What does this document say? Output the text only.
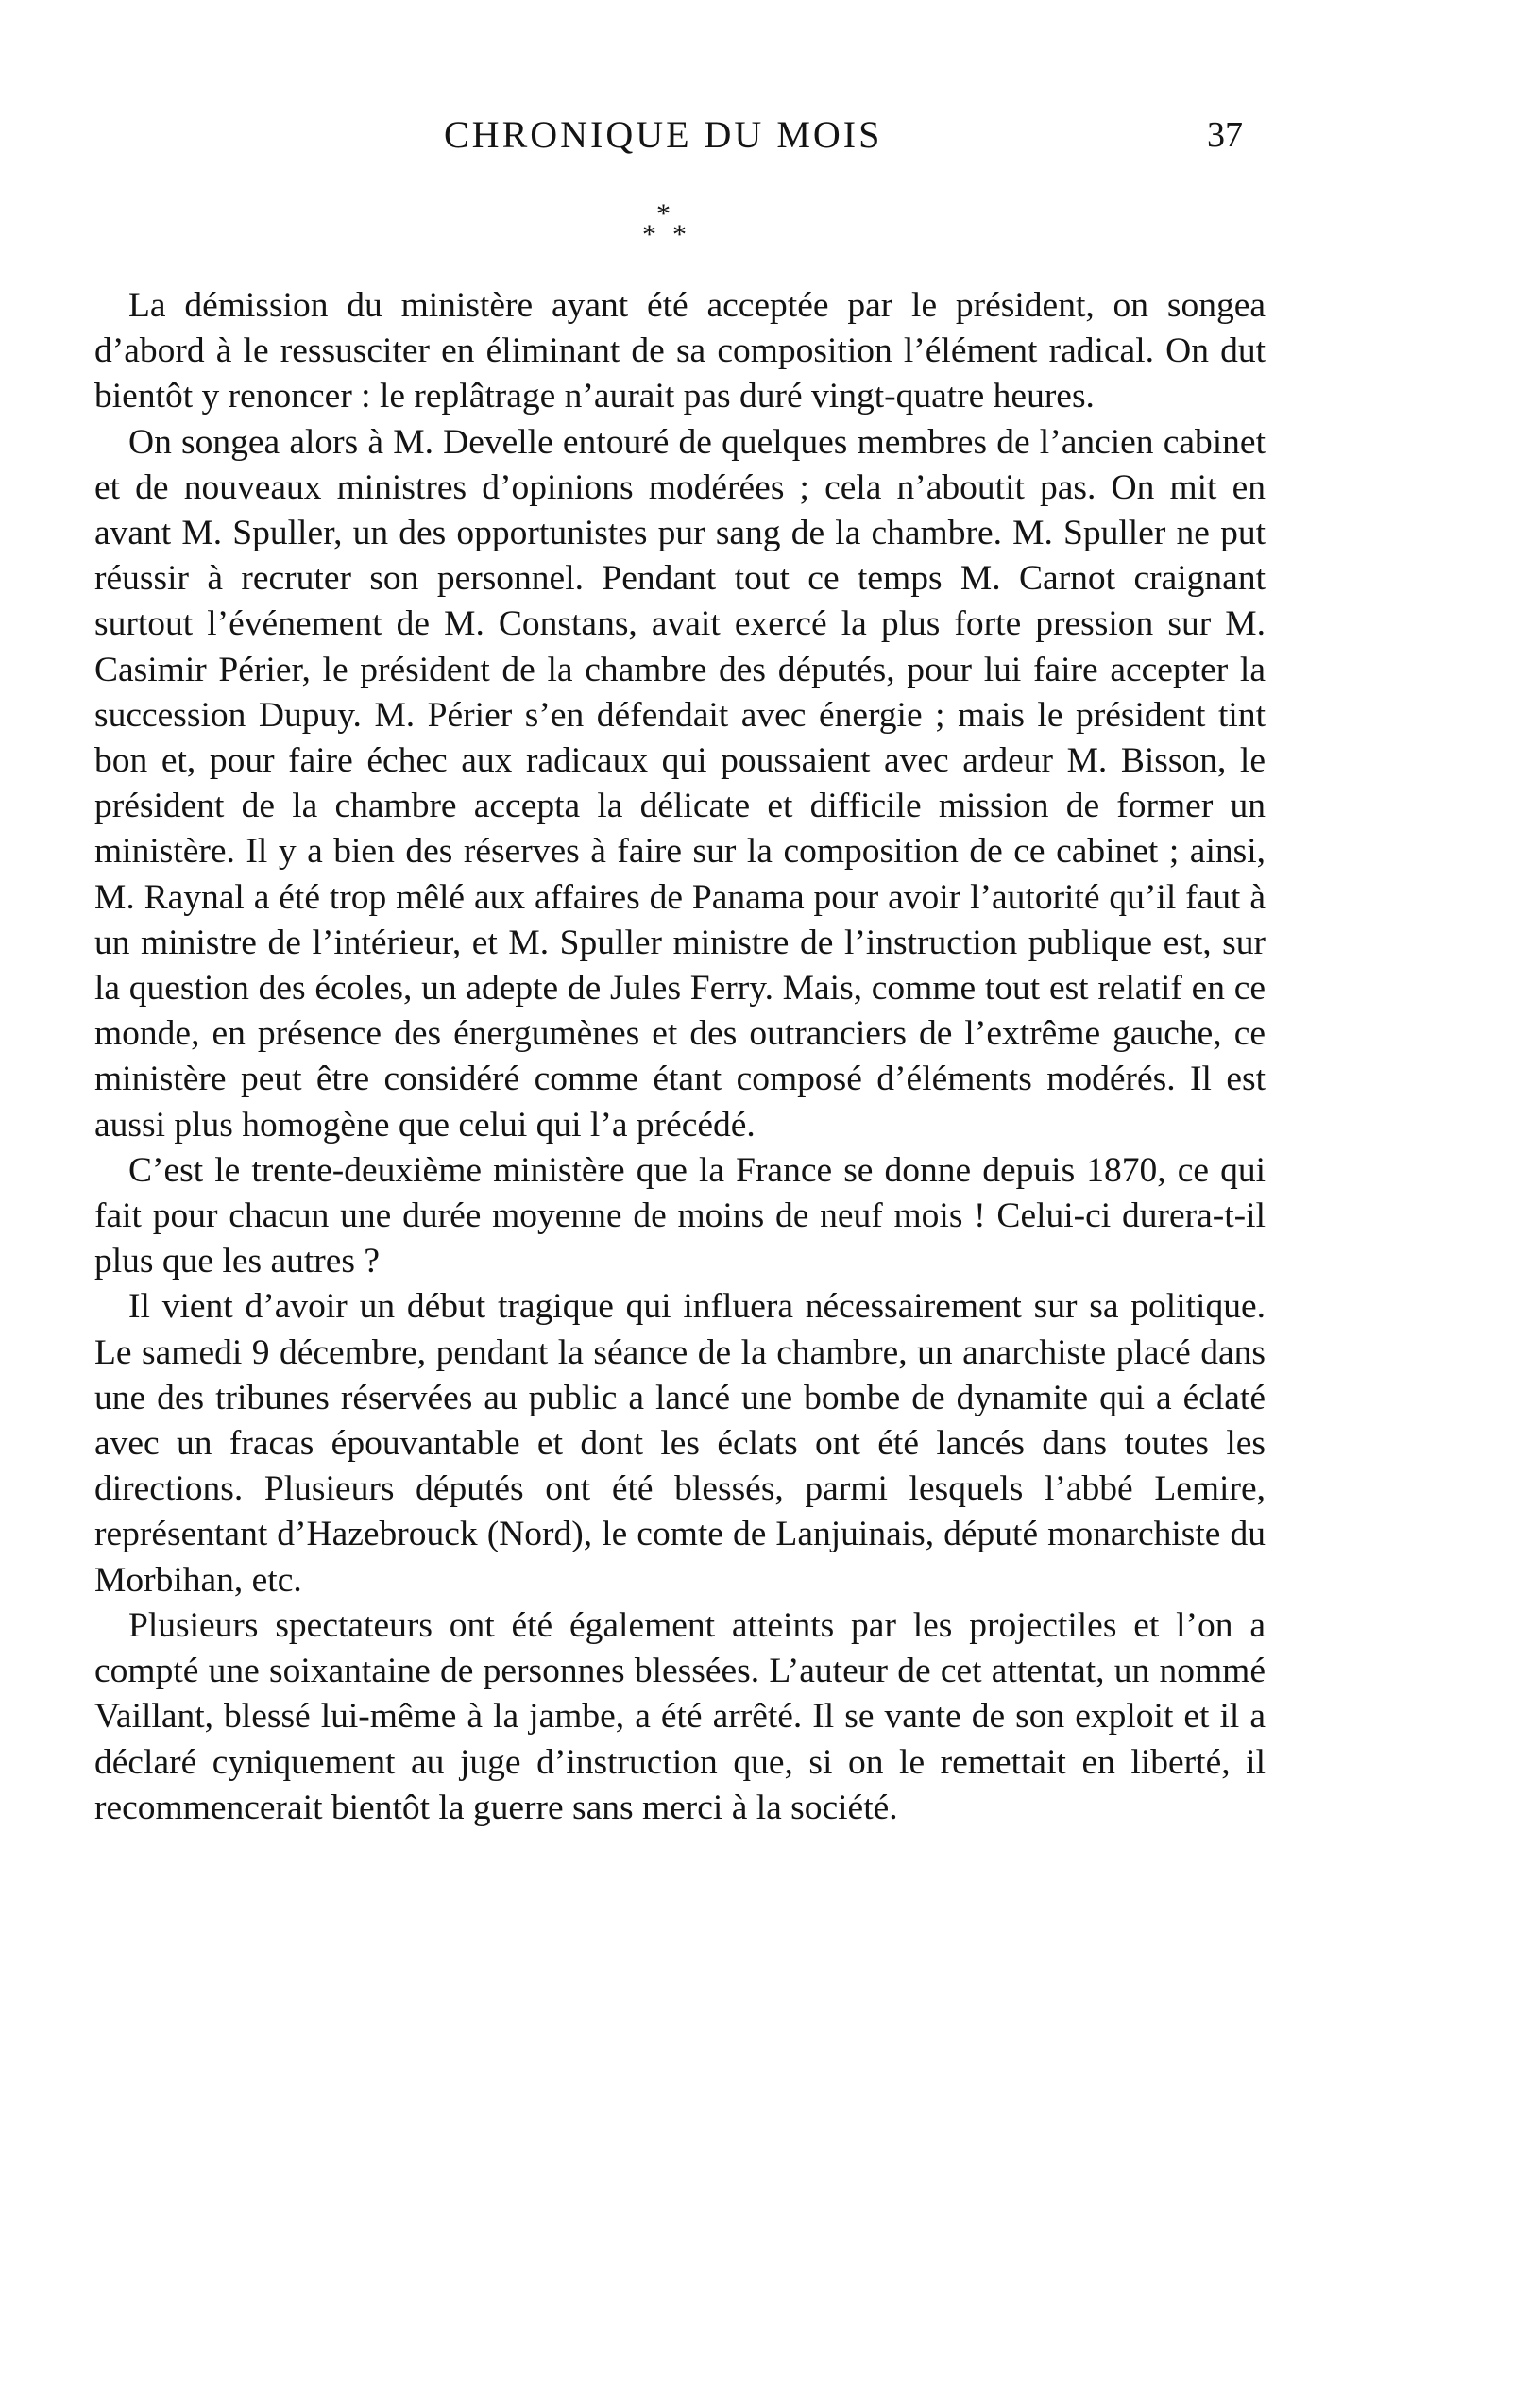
CHRONIQUE DU MOIS	37
*
* *

La démission du ministère ayant été acceptée par le président, on songea d’abord à le ressusciter en éliminant de sa composition l’élément radical. On dut bientôt y renoncer : le replâtrage n’aurait pas duré vingt-quatre heures.

On songea alors à M. Develle entouré de quelques membres de l’ancien cabinet et de nouveaux ministres d’opinions modérées ; cela n’aboutit pas. On mit en avant M. Spuller, un des opportunistes pur sang de la chambre. M. Spuller ne put réussir à recruter son personnel. Pendant tout ce temps M. Carnot craignant surtout l’événement de M. Constans, avait exercé la plus forte pression sur M. Casimir Périer, le président de la chambre des députés, pour lui faire accepter la succession Dupuy. M. Périer s’en défendait avec énergie ; mais le président tint bon et, pour faire échec aux radicaux qui poussaient avec ardeur M. Bisson, le président de la chambre accepta la délicate et difficile mission de former un ministère. Il y a bien des réserves à faire sur la composition de ce cabinet ; ainsi, M. Raynal a été trop mêlé aux affaires de Panama pour avoir l’autorité qu’il faut à un ministre de l’intérieur, et M. Spuller ministre de l’instruction publique est, sur la question des écoles, un adepte de Jules Ferry. Mais, comme tout est relatif en ce monde, en présence des énergumènes et des outranciers de l’extrême gauche, ce ministère peut être considéré comme étant composé d’éléments modérés. Il est aussi plus homogène que celui qui l’a précédé.

C’est le trente-deuxième ministère que la France se donne depuis 1870, ce qui fait pour chacun une durée moyenne de moins de neuf mois ! Celui-ci durera-t-il plus que les autres ?

Il vient d’avoir un début tragique qui influera nécessairement sur sa politique. Le samedi 9 décembre, pendant la séance de la chambre, un anarchiste placé dans une des tribunes réservées au public a lancé une bombe de dynamite qui a éclaté avec un fracas épouvantable et dont les éclats ont été lancés dans toutes les directions. Plusieurs députés ont été blessés, parmi lesquels l’abbé Lemire, représentant d’Hazebrouck (Nord), le comte de Lanjuinais, député monarchiste du Morbihan, etc.

Plusieurs spectateurs ont été également atteints par les projectiles et l’on a compté une soixantaine de personnes blessées. L’auteur de cet attentat, un nommé Vaillant, blessé lui-même à la jambe, a été arrêté. Il se vante de son exploit et il a déclaré cyniquement au juge d’instruction que, si on le remettait en liberté, il recommencerait bientôt la guerre sans merci à la société.
